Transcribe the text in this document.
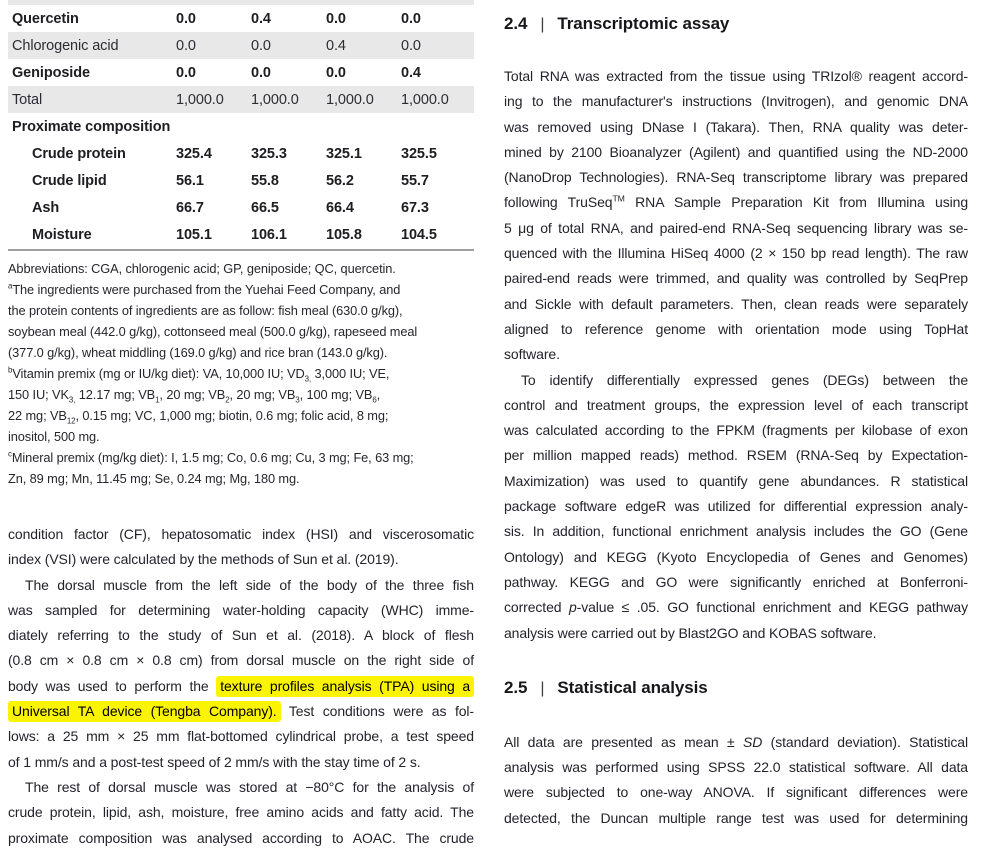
Quercetin	0.0	0.4	0.0	0.0
Chlorogenic acid	0.0	0.0	0.4	0.0
Geniposide	0.0	0.0	0.0	0.4
Total	1,000.0	1,000.0	1,000.0	1,000.0
Proximate composition
Crude protein	325.4	325.3	325.1	325.5
Crude lipid	56.1	55.8	56.2	55.7
Ash	66.7	66.5	66.4	67.3
Moisture	105.1	106.1	105.8	104.5
Abbreviations: CGA, chlorogenic acid; GP, geniposide; QC, quercetin.
$^a$The ingredients were purchased from the Yuehai Feed Company, and
the protein contents of ingredients are as follow: fish meal (630.0 g/kg),
soybean meal (442.0 g/kg), cottonseed meal (500.0 g/kg), rapeseed meal
(377.0 g/kg), wheat middling (169.0 g/kg) and rice bran (143.0 g/kg).
$^b$Vitamin premix (mg or IU/kg diet): VA, 10,000 IU; $VD_{3,}$ 3,000 IU; VE,
150 IU; $VK_{3,}$ 12.17 mg; $VB_1$, 20 mg; $VB_2$, 20 mg; $VB_3$, 100 mg; $VB_6$,
22 mg; $VB_{12}$, 0.15 mg; VC, 1,000 mg; biotin, 0.6 mg; folic acid, 8 mg;
inositol, 500 mg.
$^c$Mineral premix (mg/kg diet): I, 1.5 mg; Co, 0.6 mg; Cu, 3 mg; Fe, 63 mg;
Zn, 89 mg; Mn, 11.45 mg; Se, 0.24 mg; Mg, 180 mg.
condition factor (CF), hepatosomatic index (HSI) and viscerosomatic
index (VSI) were calculated by the methods of Sun et al. (2019).
The dorsal muscle from the left side of the body of the three fish
was sampled for determining water-holding capacity (WHC) imme-
diately referring to the study of Sun et al. (2018). A block of flesh
(0.8 cm × 0.8 cm × 0.8 cm) from dorsal muscle on the right side of
body was used to perform the texture profiles analysis (TPA) using a
Universal TA device (Tengba Company). Test conditions were as fol-
lows: a 25 mm × 25 mm flat-bottomed cylindrical probe, a test speed
of 1 mm/s and a post-test speed of 2 mm/s with the stay time of 2 s.
The rest of dorsal muscle was stored at −80°C for the analysis of
crude protein, lipid, ash, moisture, free amino acids and fatty acid. The
proximate composition was analysed according to AOAC. The crude
2.4 | Transcriptomic assay
Total RNA was extracted from the tissue using TRIzol® reagent accord-
ing to the manufacturer's instructions (Invitrogen), and genomic DNA
was removed using DNase I (Takara). Then, RNA quality was deter-
mined by 2100 Bioanalyzer (Agilent) and quantified using the ND-2000
(NanoDrop Technologies). RNA-Seq transcriptome library was prepared
following TruSeq™ RNA Sample Preparation Kit from Illumina using
5 μg of total RNA, and paired-end RNA-Seq sequencing library was se-
quenced with the Illumina HiSeq 4000 (2 × 150 bp read length). The raw
paired-end reads were trimmed, and quality was controlled by SeqPrep
and Sickle with default parameters. Then, clean reads were separately
aligned to reference genome with orientation mode using TopHat
software.
To identify differentially expressed genes (DEGs) between the
control and treatment groups, the expression level of each transcript
was calculated according to the FPKM (fragments per kilobase of exon
per million mapped reads) method. RSEM (RNA-Seq by Expectation-
Maximization) was used to quantify gene abundances. R statistical
package software edgeR was utilized for differential expression analy-
sis. In addition, functional enrichment analysis includes the GO (Gene
Ontology) and KEGG (Kyoto Encyclopedia of Genes and Genomes)
pathway. KEGG and GO were significantly enriched at Bonferroni-
corrected p-value ≤ .05. GO functional enrichment and KEGG pathway
analysis were carried out by Blast2GO and KOBAS software.
2.5 | Statistical analysis
All data are presented as mean ± SD (standard deviation). Statistical
analysis was performed using SPSS 22.0 statistical software. All data
were subjected to one-way ANOVA. If significant differences were
detected, the Duncan multiple range test was used for determining
